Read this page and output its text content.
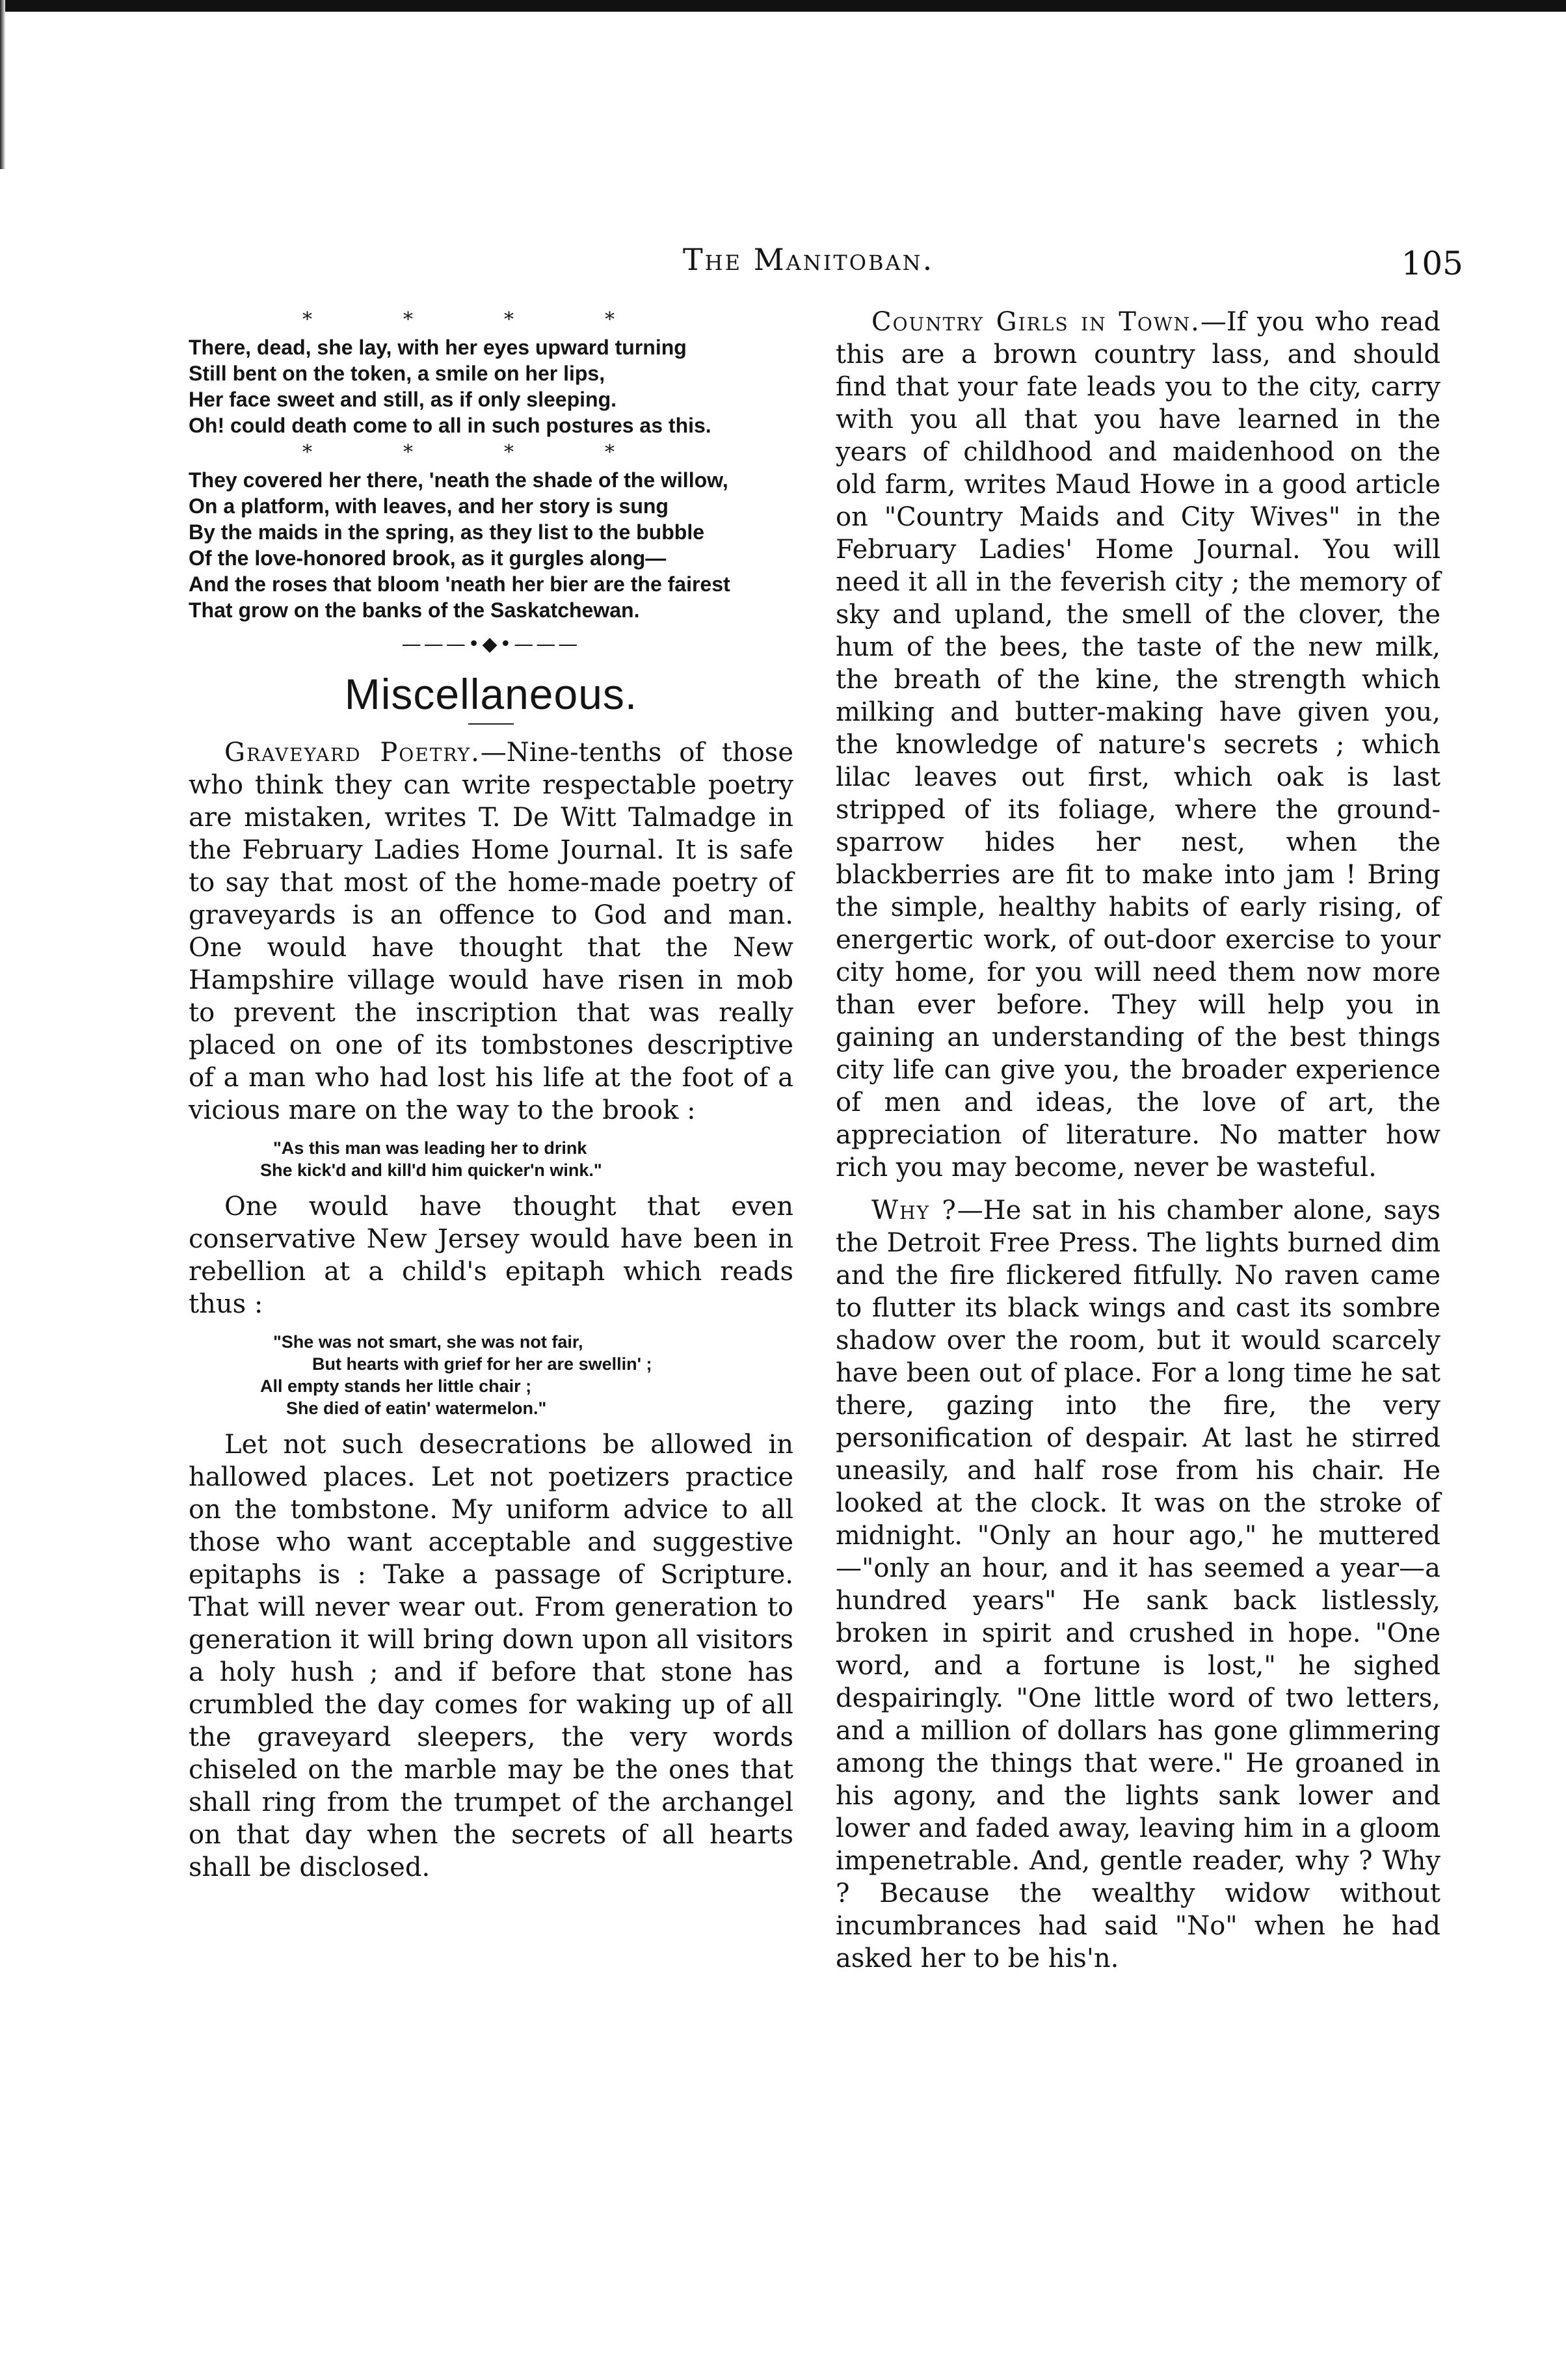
The Manitoban.	105
****
There, dead, she lay, with her eyes upward turning
Still bent on the token, a smile on her lips,
Her face sweet and still, as if only sleeping.
Oh! could death come to all in such postures as this.
****
They covered her there, 'neath the shade of the willow,
On a platform, with leaves, and her story is sung
By the maids in the spring, as they list to the bubble
Of the love-honored brook, as it gurgles along—
And the roses that bloom 'neath her bier are the fairest
That grow on the banks of the Saskatchewan.
———•◆•———
Miscellaneous.

Graveyard Poetry.—Nine-tenths of those who think they can write respectable poetry are mistaken, writes T. De Witt Talmadge in the February Ladies Home Journal. It is safe to say that most of the home-made poetry of graveyards is an offence to God and man. One would have thought that the New Hampshire village would have risen in mob to prevent the inscription that was really placed on one of its tombstones descriptive of a man who had lost his life at the foot of a vicious mare on the way to the brook :

"As this man was leading her to drink
She kick'd and kill'd him quicker'n wink."

One would have thought that even conservative New Jersey would have been in rebellion at a child's epitaph which reads thus :

"She was not smart, she was not fair,
But hearts with grief for her are swellin' ;
All empty stands her little chair ;
She died of eatin' watermelon."

Let not such desecrations be allowed in hallowed places. Let not poetizers practice on the tombstone. My uniform advice to all those who want acceptable and suggestive epitaphs is : Take a passage of Scripture. That will never wear out. From generation to generation it will bring down upon all visitors a holy hush ; and if before that stone has crumbled the day comes for waking up of all the graveyard sleepers, the very words chiseled on the marble may be the ones that shall ring from the trumpet of the archangel on that day when the secrets of all hearts shall be disclosed.

Country Girls in Town.—If you who read this are a brown country lass, and should find that your fate leads you to the city, carry with you all that you have learned in the years of childhood and maidenhood on the old farm, writes Maud Howe in a good article on "Country Maids and City Wives" in the February Ladies' Home Journal. You will need it all in the feverish city ; the memory of sky and upland, the smell of the clover, the hum of the bees, the taste of the new milk, the breath of the kine, the strength which milking and butter-making have given you, the knowledge of nature's secrets ; which lilac leaves out first, which oak is last stripped of its foliage, where the ground-sparrow hides her nest, when the blackberries are fit to make into jam ! Bring the simple, healthy habits of early rising, of energertic work, of out-door exercise to your city home, for you will need them now more than ever before. They will help you in gaining an understanding of the best things city life can give you, the broader experience of men and ideas, the love of art, the appreciation of literature. No matter how rich you may become, never be wasteful.

Why ?—He sat in his chamber alone, says the Detroit Free Press. The lights burned dim and the fire flickered fitfully. No raven came to flutter its black wings and cast its sombre shadow over the room, but it would scarcely have been out of place. For a long time he sat there, gazing into the fire, the very personification of despair. At last he stirred uneasily, and half rose from his chair. He looked at the clock. It was on the stroke of midnight. "Only an hour ago," he muttered—"only an hour, and it has seemed a year—a hundred years" He sank back listlessly, broken in spirit and crushed in hope. "One word, and a fortune is lost," he sighed despairingly. "One little word of two letters, and a million of dollars has gone glimmering among the things that were." He groaned in his agony, and the lights sank lower and lower and faded away, leaving him in a gloom impenetrable. And, gentle reader, why ? Why ? Because the wealthy widow without incumbrances had said "No" when he had asked her to be his'n.
